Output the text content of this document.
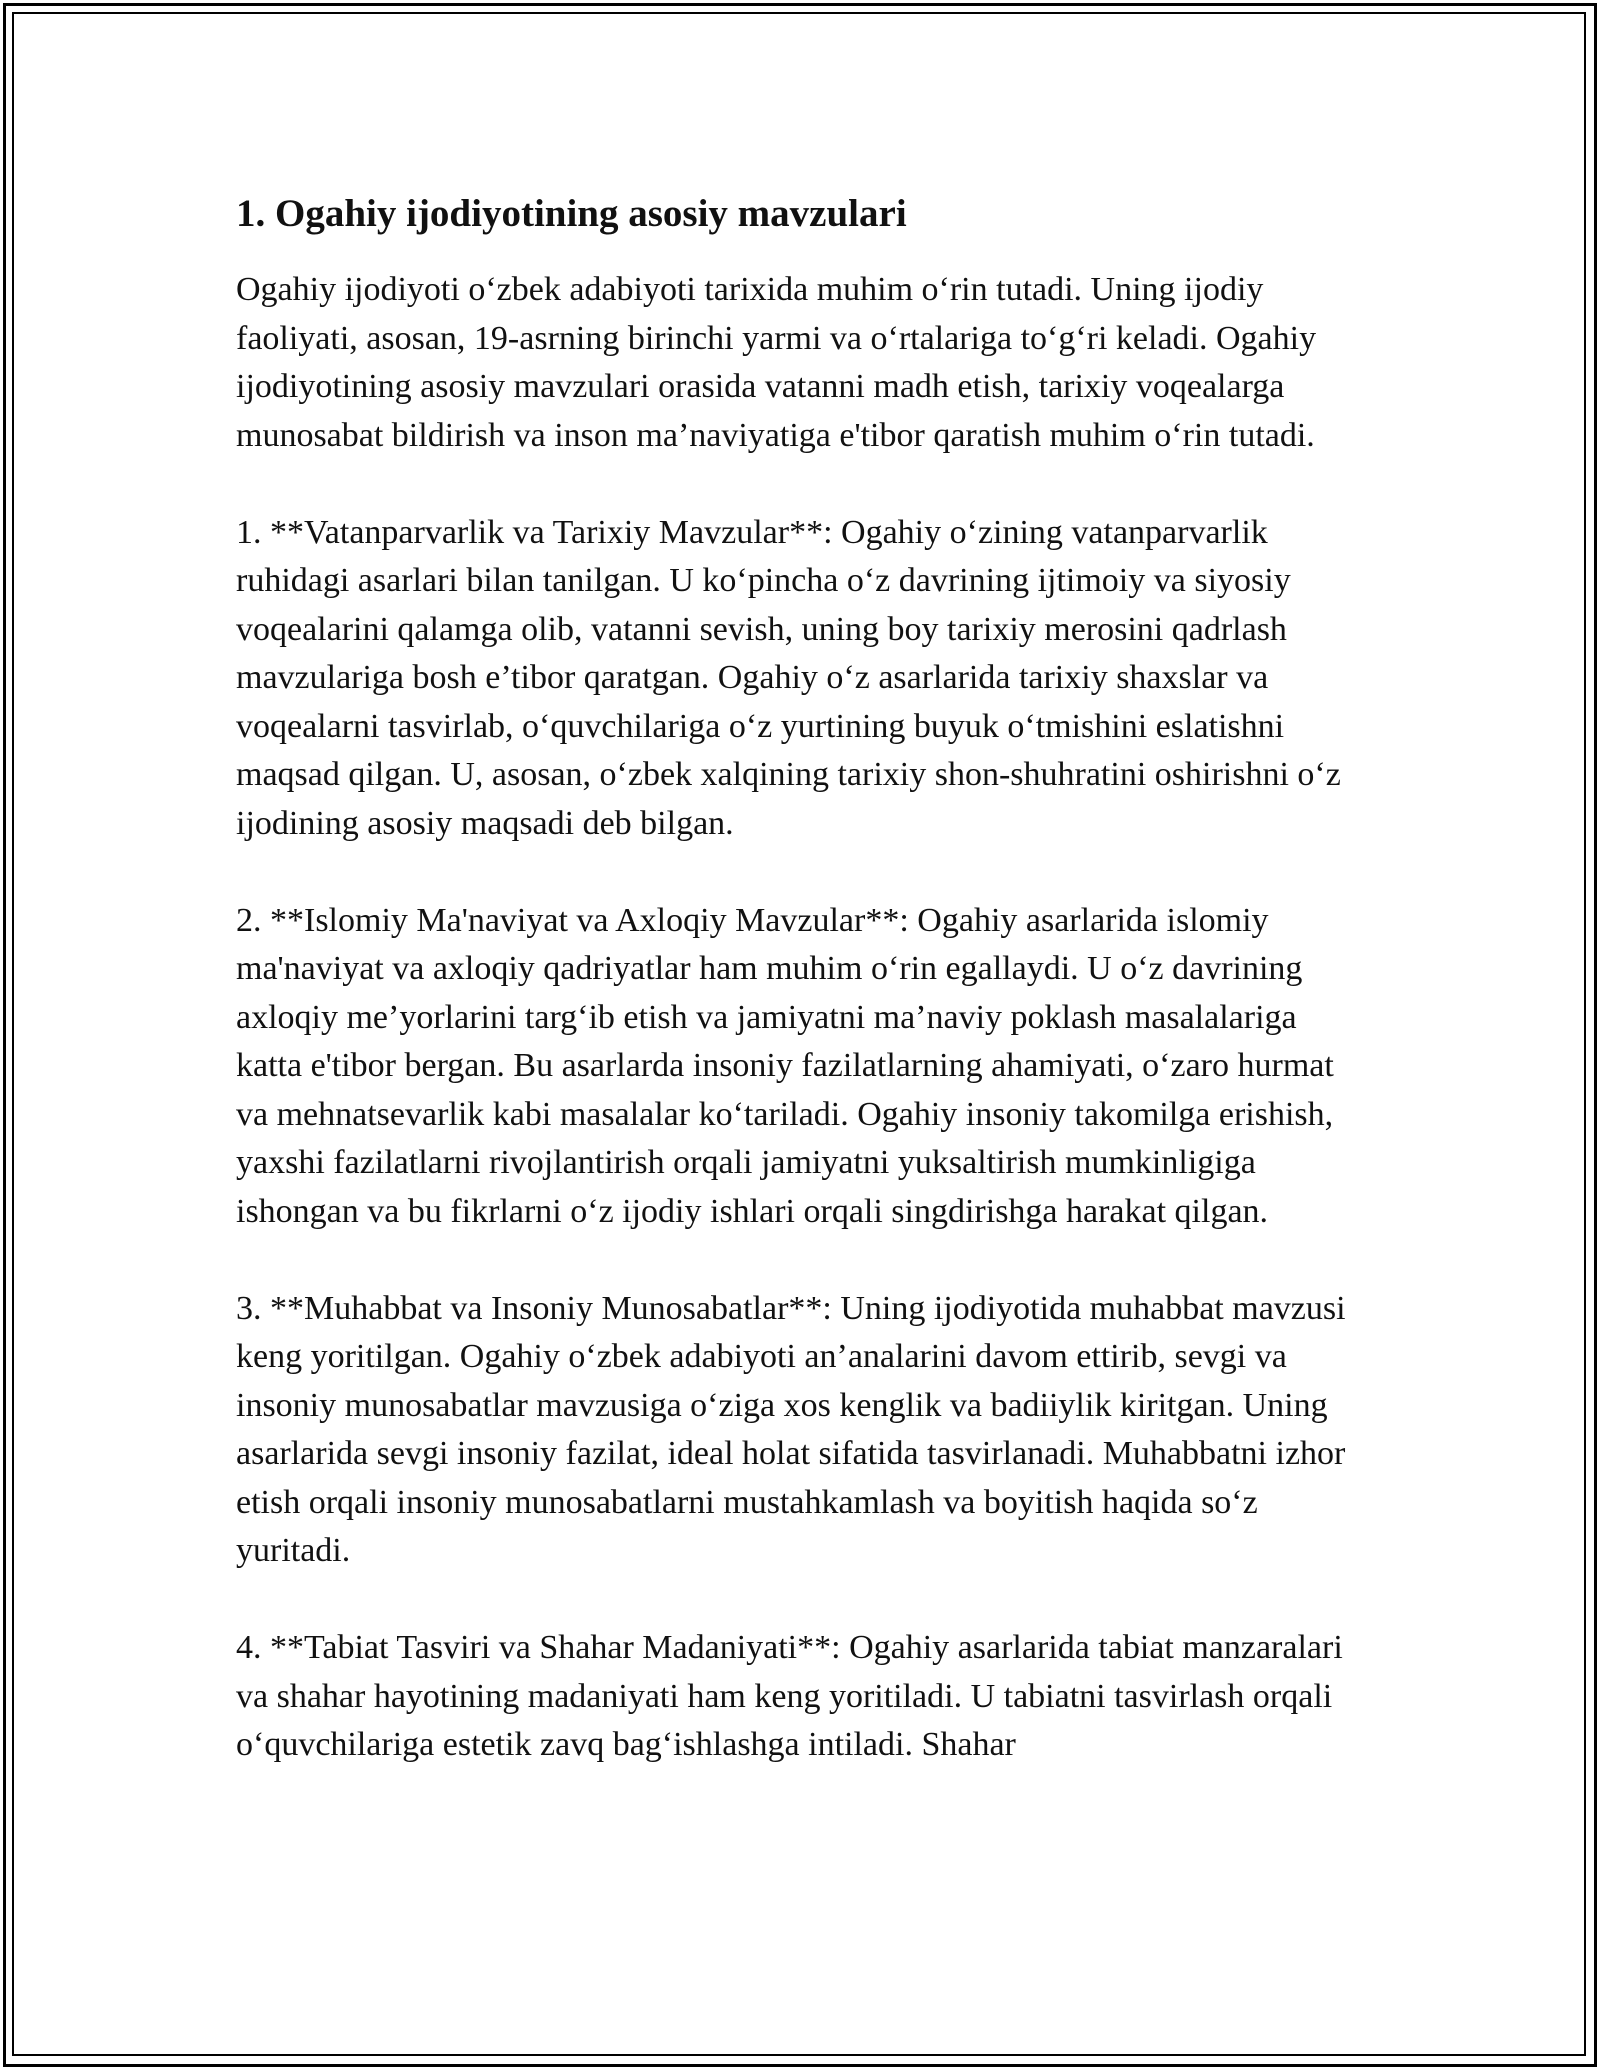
1. Ogahiy ijodiyotining asosiy mavzulari

Ogahiy ijodiyoti o‘zbek adabiyoti tarixida muhim o‘rin tutadi. Uning ijodiy faoliyati, asosan, 19-asrning birinchi yarmi va o‘rtalariga to‘g‘ri keladi. Ogahiy ijodiyotining asosiy mavzulari orasida vatanni madh etish, tarixiy voqealarga munosabat bildirish va inson ma’naviyatiga e'tibor qaratish muhim o‘rin tutadi.

1. **Vatanparvarlik va Tarixiy Mavzular**: Ogahiy o‘zining vatanparvarlik ruhidagi asarlari bilan tanilgan. U ko‘pincha o‘z davrining ijtimoiy va siyosiy voqealarini qalamga olib, vatanni sevish, uning boy tarixiy merosini qadrlash mavzulariga bosh e’tibor qaratgan. Ogahiy o‘z asarlarida tarixiy shaxslar va voqealarni tasvirlab, o‘quvchilariga o‘z yurtining buyuk o‘tmishini eslatishni maqsad qilgan. U, asosan, o‘zbek xalqining tarixiy shon-shuhratini oshirishni o‘z ijodining asosiy maqsadi deb bilgan.

2. **Islomiy Ma'naviyat va Axloqiy Mavzular**: Ogahiy asarlarida islomiy ma'naviyat va axloqiy qadriyatlar ham muhim o‘rin egallaydi. U o‘z davrining axloqiy me’yorlarini targ‘ib etish va jamiyatni ma’naviy poklash masalalariga katta e'tibor bergan. Bu asarlarda insoniy fazilatlarning ahamiyati, o‘zaro hurmat va mehnatsevarlik kabi masalalar ko‘tariladi. Ogahiy insoniy takomilga erishish, yaxshi fazilatlarni rivojlantirish orqali jamiyatni yuksaltirish mumkinligiga ishongan va bu fikrlarni o‘z ijodiy ishlari orqali singdirishga harakat qilgan.

3. **Muhabbat va Insoniy Munosabatlar**: Uning ijodiyotida muhabbat mavzusi keng yoritilgan. Ogahiy o‘zbek adabiyoti an’analarini davom ettirib, sevgi va insoniy munosabatlar mavzusiga o‘ziga xos kenglik va badiiylik kiritgan. Uning asarlarida sevgi insoniy fazilat, ideal holat sifatida tasvirlanadi. Muhabbatni izhor etish orqali insoniy munosabatlarni mustahkamlash va boyitish haqida so‘z yuritadi.

4. **Tabiat Tasviri va Shahar Madaniyati**: Ogahiy asarlarida tabiat manzaralari va shahar hayotining madaniyati ham keng yoritiladi. U tabiatni tasvirlash orqali o‘quvchilariga estetik zavq bag‘ishlashga intiladi. Shahar
